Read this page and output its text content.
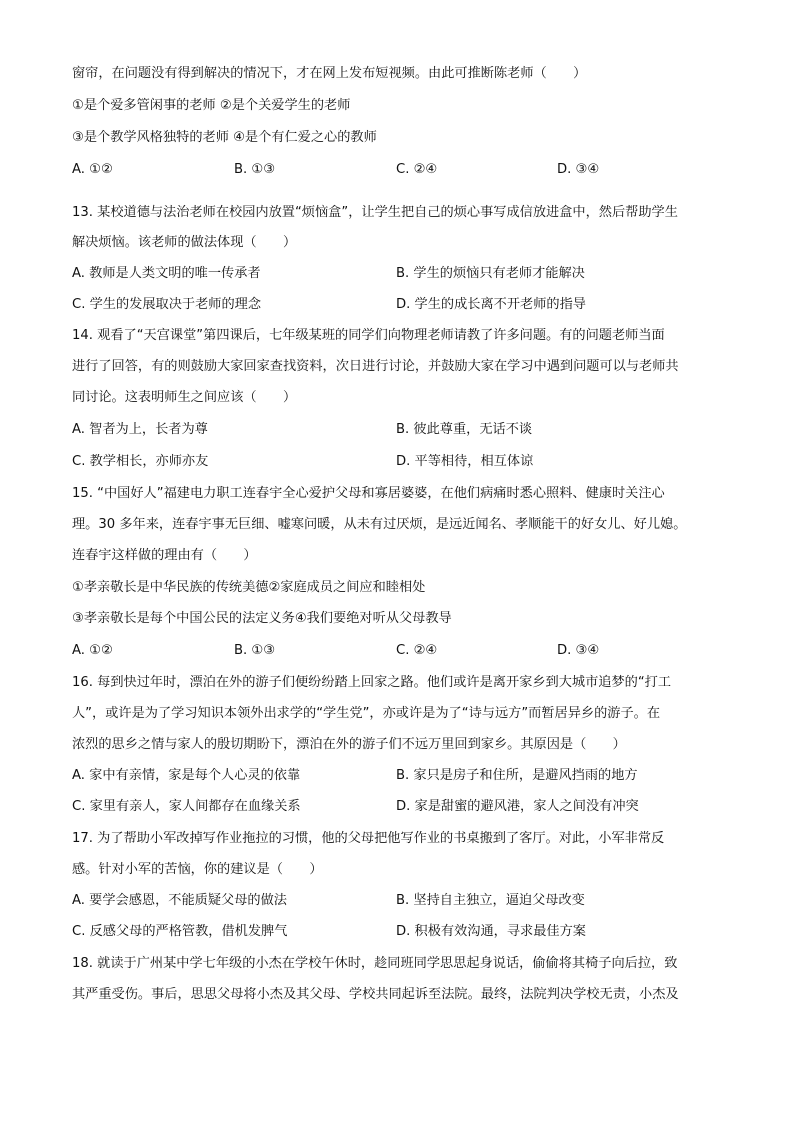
窗帘，在问题没有得到解决的情况下，才在网上发布短视频。由此可推断陈老师（　　）
①是个爱多管闲事的老师 ②是个关爱学生的老师
③是个教学风格独特的老师 ④是个有仁爱之心的教师
A. ①②	B. ①③	C. ②④	D. ③④
13. 某校道德与法治老师在校园内放置“烦恼盒”，让学生把自己的烦心事写成信放进盒中，然后帮助学生
解决烦恼。该老师的做法体现（　　）
A. 教师是人类文明的唯一传承者	B. 学生的烦恼只有老师才能解决
C. 学生的发展取决于老师的理念	D. 学生的成长离不开老师的指导
14. 观看了“天宫课堂”第四课后，七年级某班的同学们向物理老师请教了许多问题。有的问题老师当面
进行了回答，有的则鼓励大家回家查找资料，次日进行讨论，并鼓励大家在学习中遇到问题可以与老师共
同讨论。这表明师生之间应该（　　）
A. 智者为上，长者为尊	B. 彼此尊重，无话不谈
C. 教学相长，亦师亦友	D. 平等相待，相互体谅
15. “中国好人”福建电力职工连春宇全心爱护父母和寡居婆婆，在他们病痛时悉心照料、健康时关注心
理。30 多年来，连春宇事无巨细、嘘寒问暖，从未有过厌烦，是远近闻名、孝顺能干的好女儿、好儿媳。
连春宇这样做的理由有（　　）
①孝亲敬长是中华民族的传统美德②家庭成员之间应和睦相处
③孝亲敬长是每个中国公民的法定义务④我们要绝对听从父母教导
A. ①②	B. ①③	C. ②④	D. ③④
16. 每到快过年时，漂泊在外的游子们便纷纷踏上回家之路。他们或许是离开家乡到大城市追梦的“打工
人”，或许是为了学习知识本领外出求学的“学生党”，亦或许是为了“诗与远方”而暂居异乡的游子。在
浓烈的思乡之情与家人的殷切期盼下，漂泊在外的游子们不远万里回到家乡。其原因是（　　）
A. 家中有亲情，家是每个人心灵的依靠	B. 家只是房子和住所，是避风挡雨的地方
C. 家里有亲人，家人间都存在血缘关系	D. 家是甜蜜的避风港，家人之间没有冲突
17. 为了帮助小军改掉写作业拖拉的习惯，他的父母把他写作业的书桌搬到了客厅。对此，小军非常反
感。针对小军的苦恼，你的建议是（　　）
A. 要学会感恩，不能质疑父母的做法	B. 坚持自主独立，逼迫父母改变
C. 反感父母的严格管教，借机发脾气	D. 积极有效沟通，寻求最佳方案
18. 就读于广州某中学七年级的小杰在学校午休时，趁同班同学思思起身说话，偷偷将其椅子向后拉，致
其严重受伤。事后，思思父母将小杰及其父母、学校共同起诉至法院。最终，法院判决学校无责，小杰及
